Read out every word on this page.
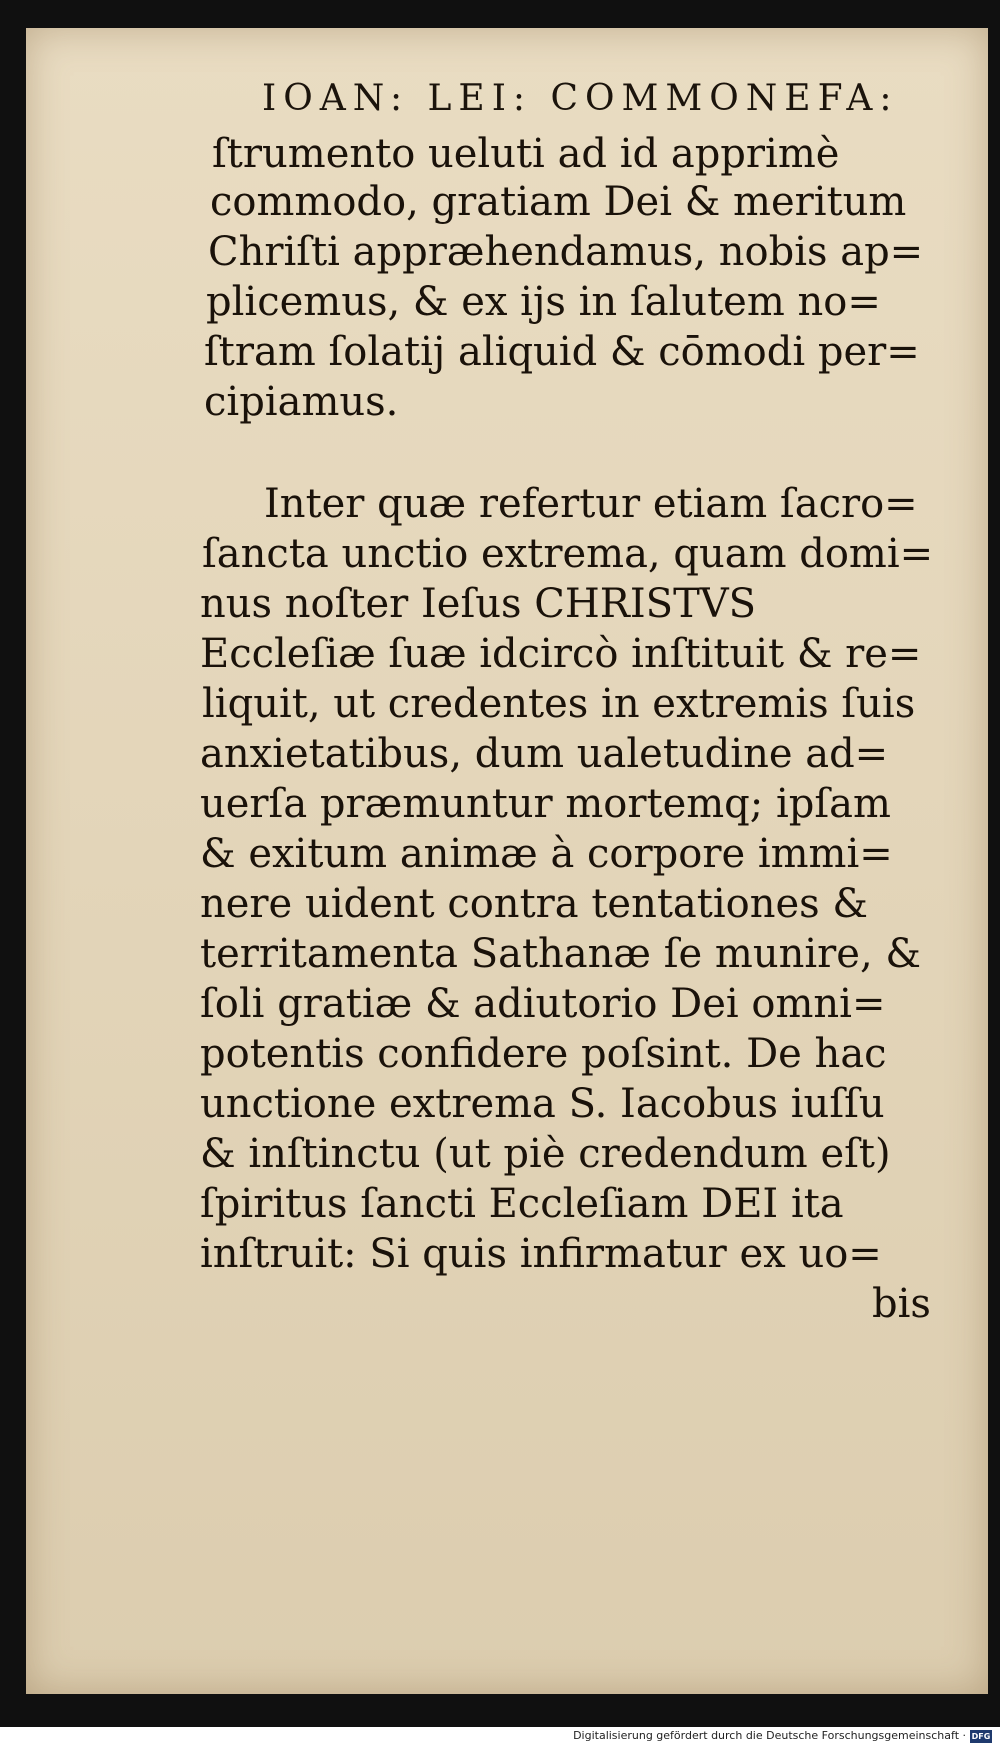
IOAN: LEI: COMMONEFA:
ſtrumento ueluti ad id apprimè
commodo, gratiam Dei & meritum
Chriſti appræhendamus, nobis ap=
plicemus, & ex ijs in ſalutem no=
ſtram ſolatij aliquid & cōmodi per=
cipiamus.
Inter quæ refertur etiam ſacro=
ſancta unctio extrema, quam domi=
nus noſter Ieſus CHRISTVS
Eccleſiæ ſuæ idcircò inſtituit & re=
liquit, ut credentes in extremis ſuis
anxietatibus, dum ualetudine ad=
uerſa præmuntur mortemq; ipſam
& exitum animæ à corpore immi=
nere uident contra tentationes &
territamenta Sathanæ ſe munire, &
ſoli gratiæ & adiutorio Dei omni=
potentis confidere poſsint. De hac
unctione extrema S. Iacobus iuſſu
& inſtinctu (ut piè credendum eſt)
ſpiritus ſancti Eccleſiam DEI ita
inſtruit: Si quis infirmatur ex uo=
bis
Digitalisierung gefördert durch die Deutsche Forschungsgemeinschaft · DFG
